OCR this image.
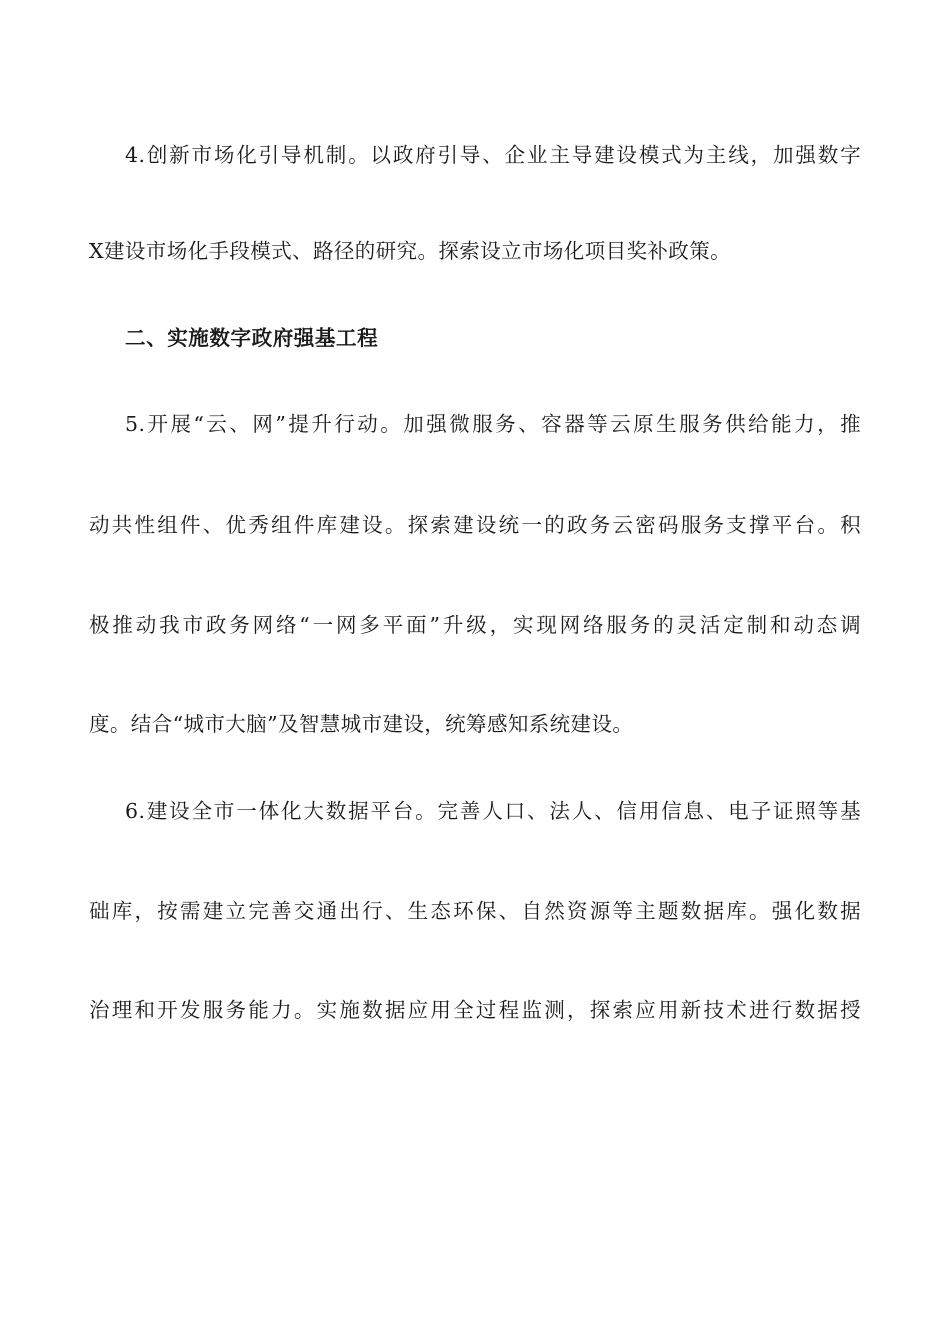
4.创新市场化引导机制。以政府引导、企业主导建设模式为主线，加强数字
X建设市场化手段模式、路径的研究。探索设立市场化项目奖补政策。
二、实施数字政府强基工程
5.开展“云、网”提升行动。加强微服务、容器等云原生服务供给能力，推
动共性组件、优秀组件库建设。探索建设统一的政务云密码服务支撑平台。积
极推动我市政务网络“一网多平面”升级，实现网络服务的灵活定制和动态调
度。结合“城市大脑”及智慧城市建设，统筹感知系统建设。
6.建设全市一体化大数据平台。完善人口、法人、信用信息、电子证照等基
础库，按需建立完善交通出行、生态环保、自然资源等主题数据库。强化数据
治理和开发服务能力。实施数据应用全过程监测，探索应用新技术进行数据授
